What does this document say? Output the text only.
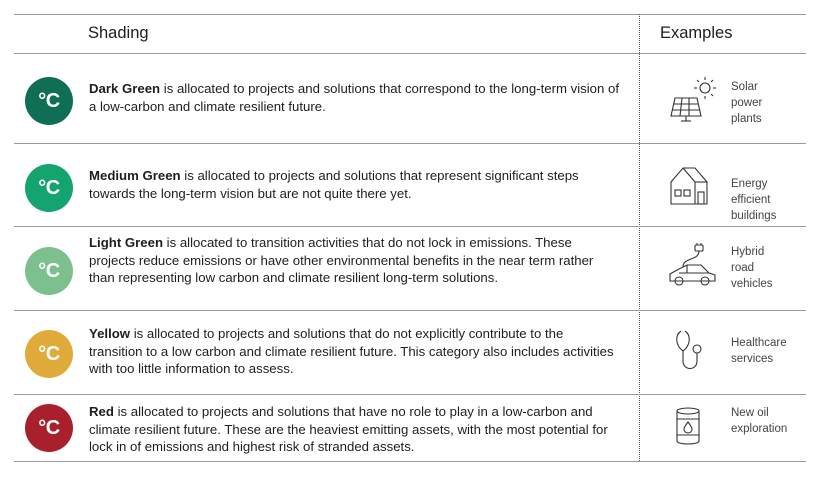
Shading	Examples
°C
Dark Green is allocated to projects and solutions that correspond to the long-term vision of a low-carbon and climate resilient future.
Solar
power
plants
°C
Medium Green is allocated to projects and solutions that represent significant steps towards the long-term vision but are not quite there yet.
Energy
efficient
buildings
°C
Light Green is allocated to transition activities that do not lock in emissions. These projects reduce emissions or have other environmental benefits in the near term rather than representing low carbon and climate resilient long-term solutions.
Hybrid
road
vehicles
°C
Yellow is allocated to projects and solutions that do not explicitly contribute to the transition to a low carbon and climate resilient future. This category also includes activities with too little information to assess.
Healthcare
services
°C
Red is allocated to projects and solutions that have no role to play in a low-carbon and climate resilient future. These are the heaviest emitting assets, with the most potential for lock in of emissions and highest risk of stranded assets.
New oil
exploration
